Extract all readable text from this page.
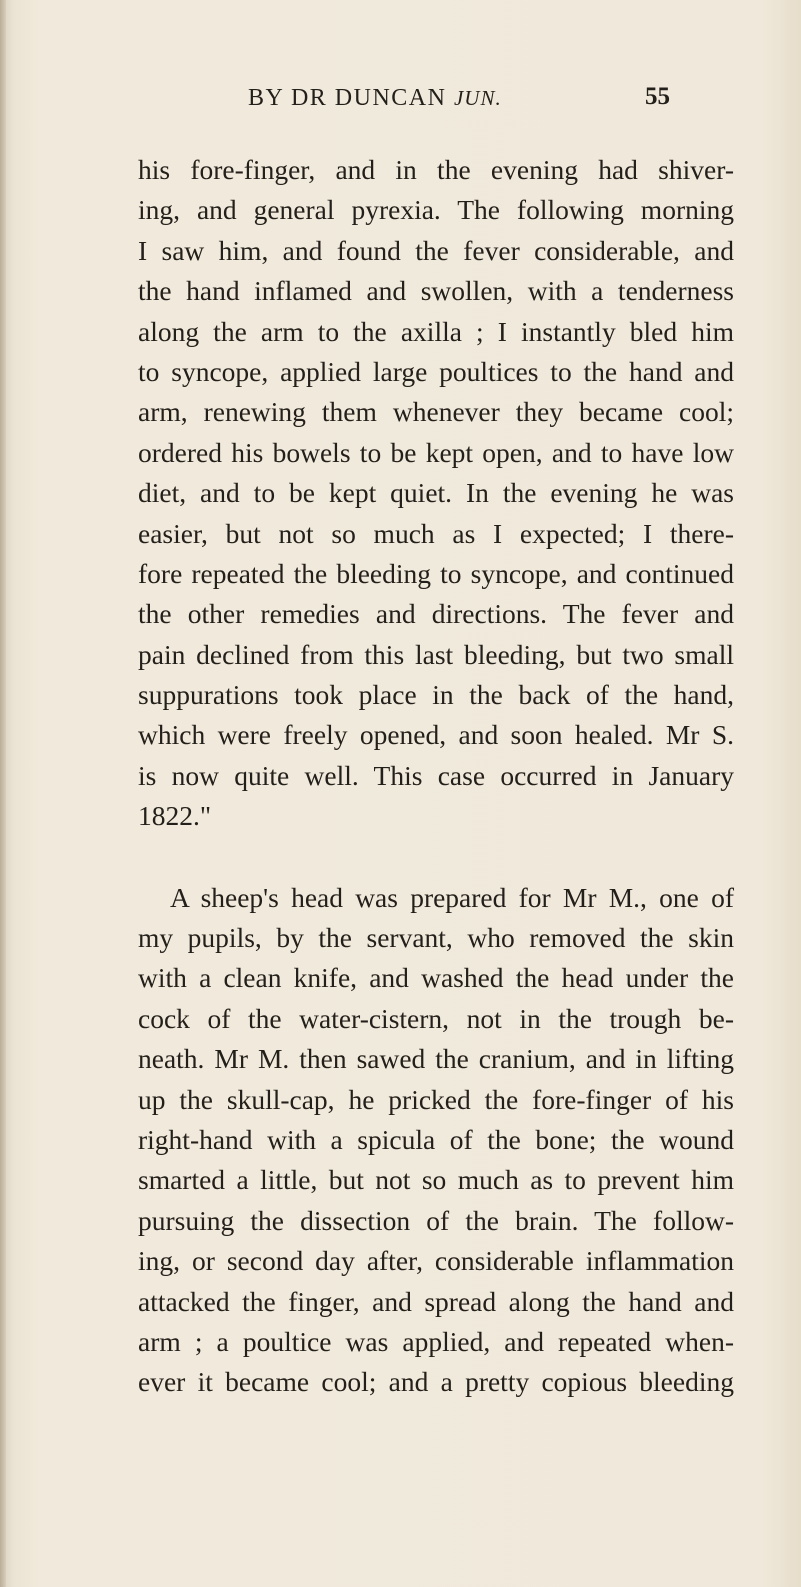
BY DR DUNCAN JUN.	55
his fore-finger, and in the evening had shiver-
ing, and general pyrexia. The following morning
I saw him, and found the fever considerable, and
the hand inflamed and swollen, with a tenderness
along the arm to the axilla ; I instantly bled him
to syncope, applied large poultices to the hand and
arm, renewing them whenever they became cool;
ordered his bowels to be kept open, and to have low
diet, and to be kept quiet. In the evening he was
easier, but not so much as I expected; I there-
fore repeated the bleeding to syncope, and continued
the other remedies and directions. The fever and
pain declined from this last bleeding, but two small
suppurations took place in the back of the hand,
which were freely opened, and soon healed. Mr S.
is now quite well. This case occurred in January
1822."
A sheep's head was prepared for Mr M., one of
my pupils, by the servant, who removed the skin
with a clean knife, and washed the head under the
cock of the water-cistern, not in the trough be-
neath. Mr M. then sawed the cranium, and in lifting
up the skull-cap, he pricked the fore-finger of his
right-hand with a spicula of the bone; the wound
smarted a little, but not so much as to prevent him
pursuing the dissection of the brain. The follow-
ing, or second day after, considerable inflammation
attacked the finger, and spread along the hand and
arm ; a poultice was applied, and repeated when-
ever it became cool; and a pretty copious bleeding
